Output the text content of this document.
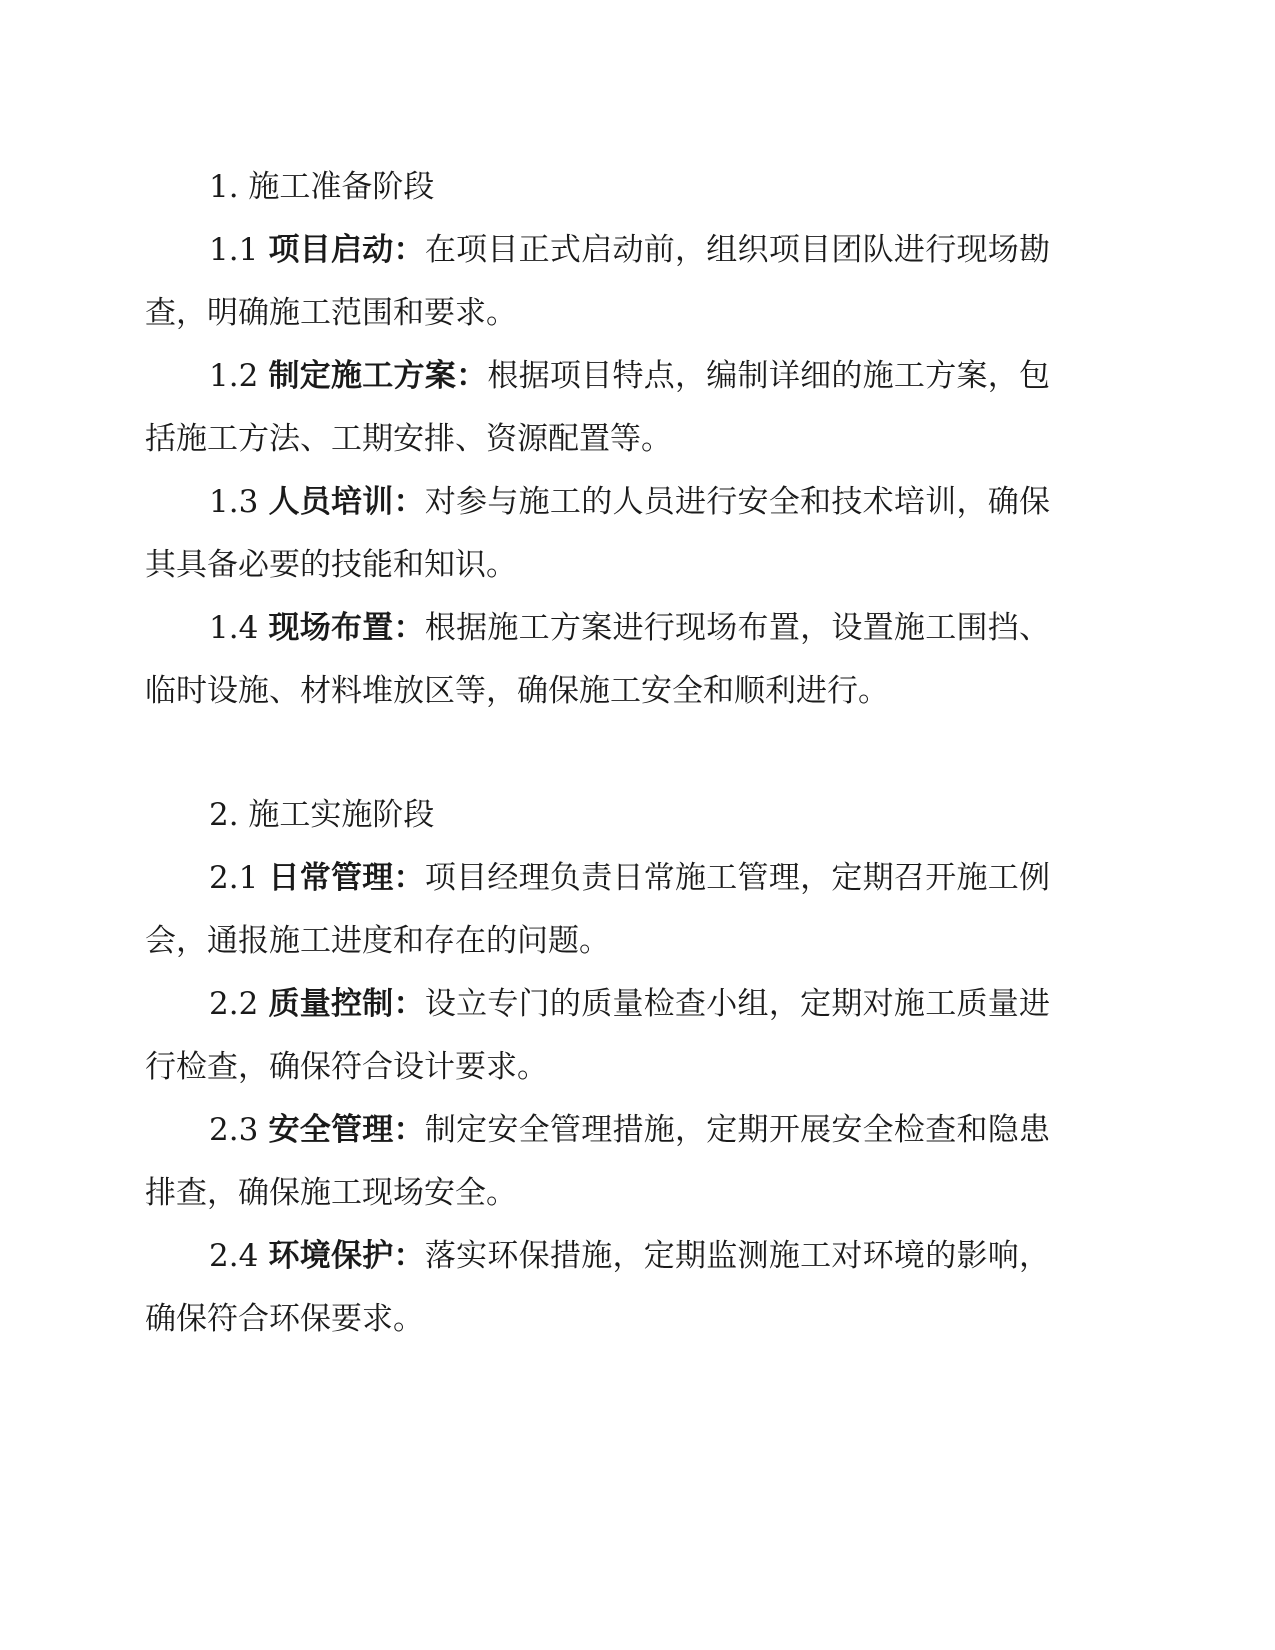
1. 施工准备阶段

1.1 项目启动：在项目正式启动前，组织项目团队进行现场勘查，明确施工范围和要求。

1.2 制定施工方案：根据项目特点，编制详细的施工方案，包括施工方法、工期安排、资源配置等。

1.3 人员培训：对参与施工的人员进行安全和技术培训，确保其具备必要的技能和知识。

1.4 现场布置：根据施工方案进行现场布置，设置施工围挡、临时设施、材料堆放区等，确保施工安全和顺利进行。

2. 施工实施阶段

2.1 日常管理：项目经理负责日常施工管理，定期召开施工例会，通报施工进度和存在的问题。

2.2 质量控制：设立专门的质量检查小组，定期对施工质量进行检查，确保符合设计要求。

2.3 安全管理：制定安全管理措施，定期开展安全检查和隐患排查，确保施工现场安全。

2.4 环境保护：落实环保措施，定期监测施工对环境的影响，确保符合环保要求。
